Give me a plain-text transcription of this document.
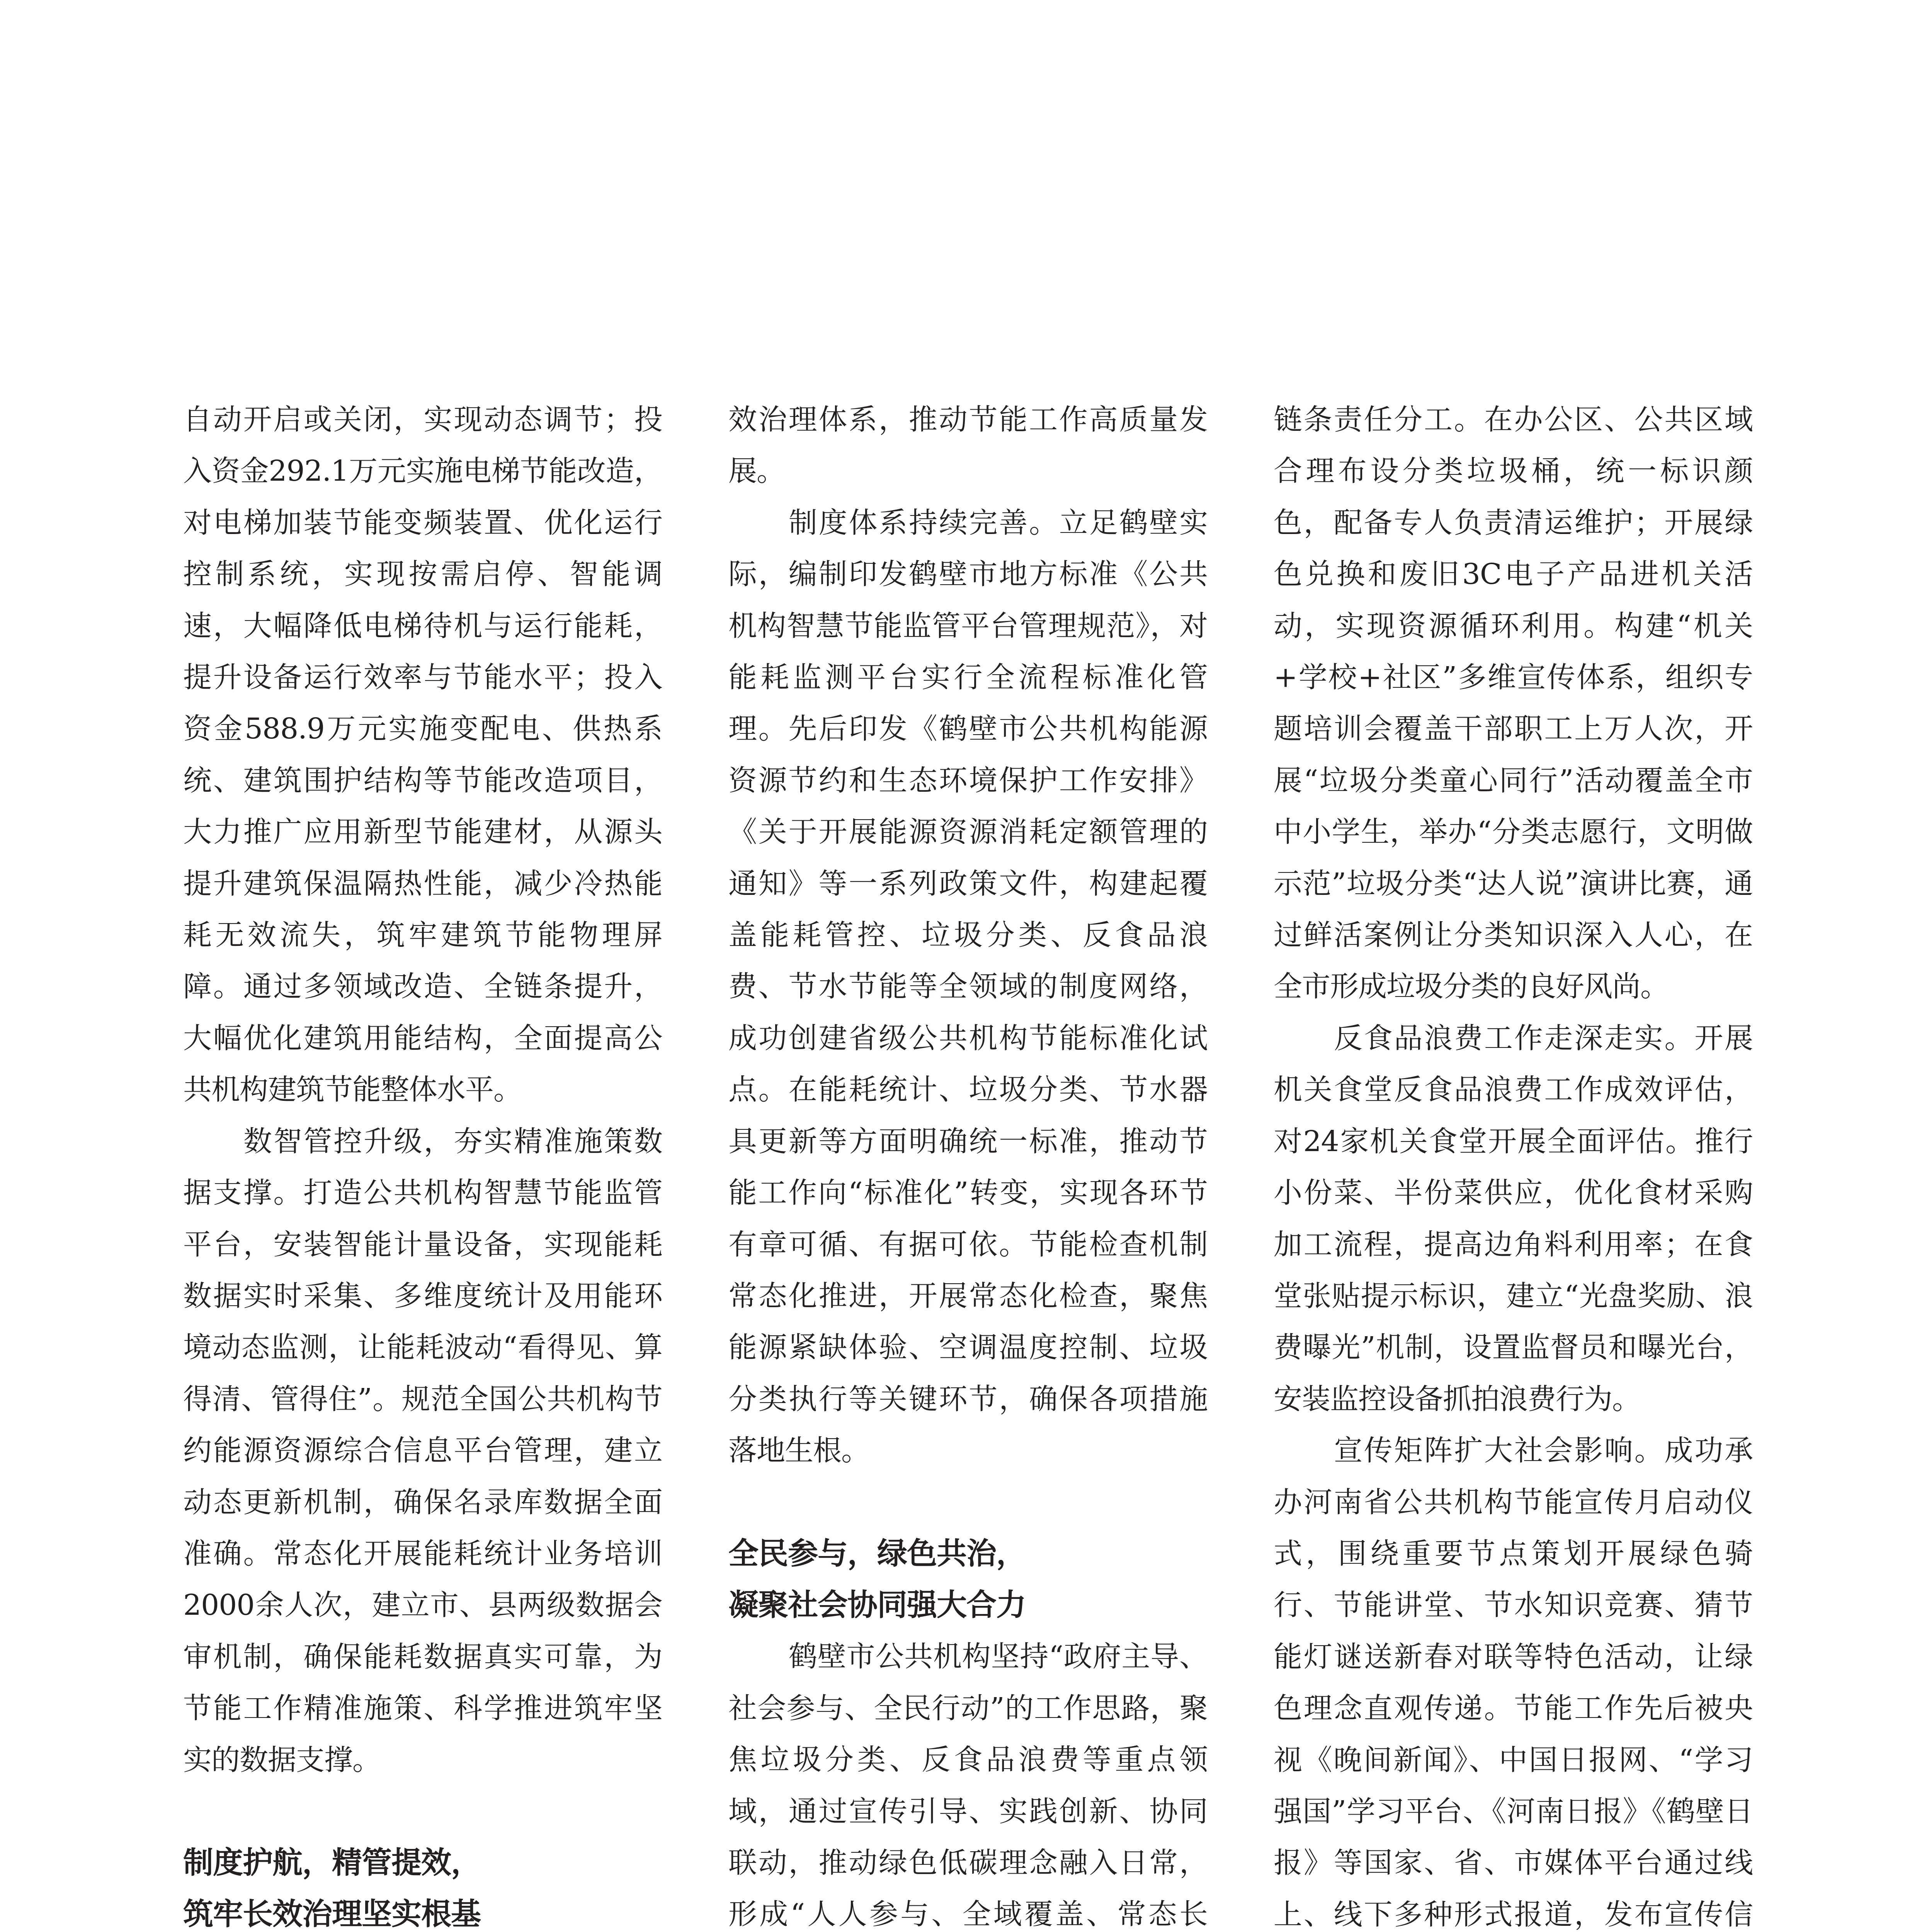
自动开启或关闭，实现动态调节；投入资金292.1万元实施电梯节能改造，对电梯加装节能变频装置、优化运行控制系统，实现按需启停、智能调速，大幅降低电梯待机与运行能耗，提升设备运行效率与节能水平；投入资金588.9万元实施变配电、供热系统、建筑围护结构等节能改造项目，大力推广应用新型节能建材，从源头提升建筑保温隔热性能，减少冷热能耗无效流失，筑牢建筑节能物理屏障。通过多领域改造、全链条提升，大幅优化建筑用能结构，全面提高公共机构建筑节能整体水平。

数智管控升级，夯实精准施策数据支撑。打造公共机构智慧节能监管平台，安装智能计量设备，实现能耗数据实时采集、多维度统计及用能环境动态监测，让能耗波动“看得见、算得清、管得住”。规范全国公共机构节约能源资源综合信息平台管理，建立动态更新机制，确保名录库数据全面准确。常态化开展能耗统计业务培训2000余人次，建立市、县两级数据会审机制，确保能耗数据真实可靠，为节能工作精准施策、科学推进筑牢坚实的数据支撑。

制度护航，精管提效，
筑牢长效治理坚实根基

效治理体系，推动节能工作高质量发展。

制度体系持续完善。立足鹤壁实际，编制印发鹤壁市地方标准《公共机构智慧节能监管平台管理规范》，对能耗监测平台实行全流程标准化管理。先后印发《鹤壁市公共机构能源资源节约和生态环境保护工作安排》《关于开展能源资源消耗定额管理的通知》等一系列政策文件，构建起覆盖能耗管控、垃圾分类、反食品浪费、节水节能等全领域的制度网络，成功创建省级公共机构节能标准化试点。在能耗统计、垃圾分类、节水器具更新等方面明确统一标准，推动节能工作向“标准化”转变，实现各环节有章可循、有据可依。节能检查机制常态化推进，开展常态化检查，聚焦能源紧缺体验、空调温度控制、垃圾分类执行等关键环节，确保各项措施落地生根。

全民参与，绿色共治，
凝聚社会协同强大合力

鹤壁市公共机构坚持“政府主导、社会参与、全民行动”的工作思路，聚焦垃圾分类、反食品浪费等重点领域，通过宣传引导、实践创新、协同联动，推动绿色低碳理念融入日常，形成“人人参与、全域覆盖、常态长

链条责任分工。在办公区、公共区域合理布设分类垃圾桶，统一标识颜色，配备专人负责清运维护；开展绿色兑换和废旧3C电子产品进机关活动，实现资源循环利用。构建“机关+学校+社区”多维宣传体系，组织专题培训会覆盖干部职工上万人次，开展“垃圾分类童心同行”活动覆盖全市中小学生，举办“分类志愿行，文明做示范”垃圾分类“达人说”演讲比赛，通过鲜活案例让分类知识深入人心，在全市形成垃圾分类的良好风尚。

反食品浪费工作走深走实。开展机关食堂反食品浪费工作成效评估，对24家机关食堂开展全面评估。推行小份菜、半份菜供应，优化食材采购加工流程，提高边角料利用率；在食堂张贴提示标识，建立“光盘奖励、浪费曝光”机制，设置监督员和曝光台，安装监控设备抓拍浪费行为。

宣传矩阵扩大社会影响。成功承办河南省公共机构节能宣传月启动仪式，围绕重要节点策划开展绿色骑行、节能讲堂、节水知识竞赛、猜节能灯谜送新春对联等特色活动，让绿色理念直观传递。节能工作先后被央视《晚间新闻》、中国日报网、“学习强国”学习平台、《河南日报》《鹤壁日报》等国家、省、市媒体平台通过线上、线下多种形式报道，发布宣传信
